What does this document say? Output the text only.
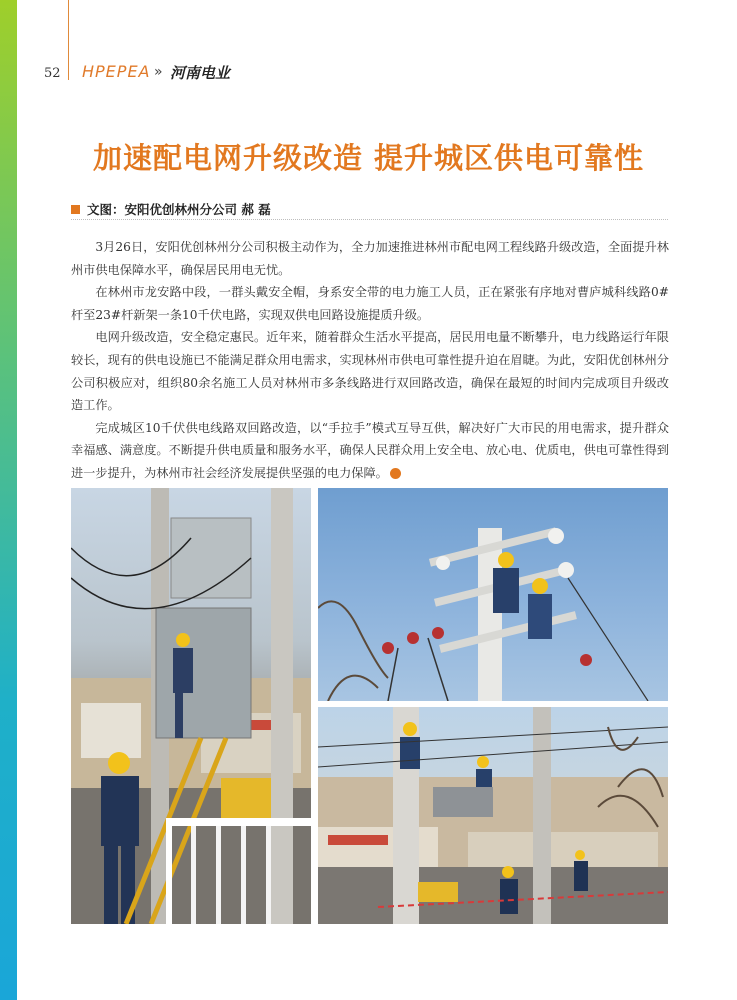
52 HPEPEA » 河南电业
加速配电网升级改造 提升城区供电可靠性
文图：安阳优创林州分公司 郝 磊

3月26日，安阳优创林州分公司积极主动作为，全力加速推进林州市配电网工程线路升级改造，全面提升林州市供电保障水平，确保居民用电无忧。

在林州市龙安路中段，一群头戴安全帽，身系安全带的电力施工人员，正在紧张有序地对曹庐城科线路0#杆至23#杆新架一条10千伏电路，实现双供电回路设施提质升级。

电网升级改造，安全稳定惠民。近年来，随着群众生活水平提高，居民用电量不断攀升，电力线路运行年限较长，现有的供电设施已不能满足群众用电需求，实现林州市供电可靠性提升迫在眉睫。为此，安阳优创林州分公司积极应对，组织80余名施工人员对林州市多条线路进行双回路改造，确保在最短的时间内完成项目升级改造工作。

完成城区10千伏供电线路双回路改造，以“手拉手”模式互导互供，解决好广大市民的用电需求，提升群众幸福感、满意度。不断提升供电质量和服务水平，确保人民群众用上安全电、放心电、优质电，供电可靠性得到进一步提升，为林州市社会经济发展提供坚强的电力保障。	Ⓔ
